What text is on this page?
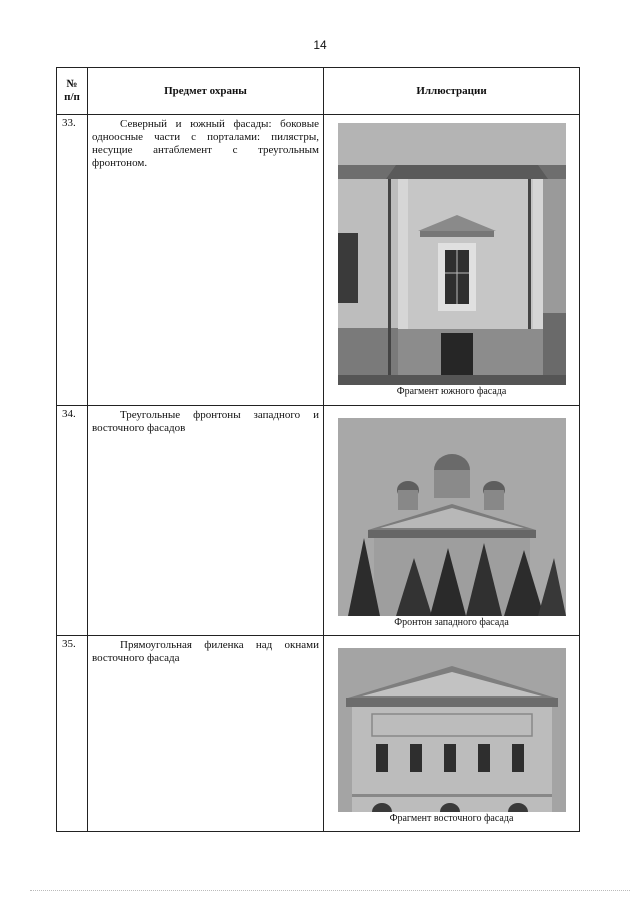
14
№
п/п	Предмет охраны	Иллюстрации
33.	Северный и южный фасады: боковые одноосные части с порталами: пилястры, несущие антаблемент с треугольным фронтоном.	Фрагмент южного фасада

34.	Треугольные фронтоны западного и восточного фасадов	Фронтон западного фасада

35.	Прямоугольная филенка над окнами восточного фасада	Фрагмент восточного фасада
